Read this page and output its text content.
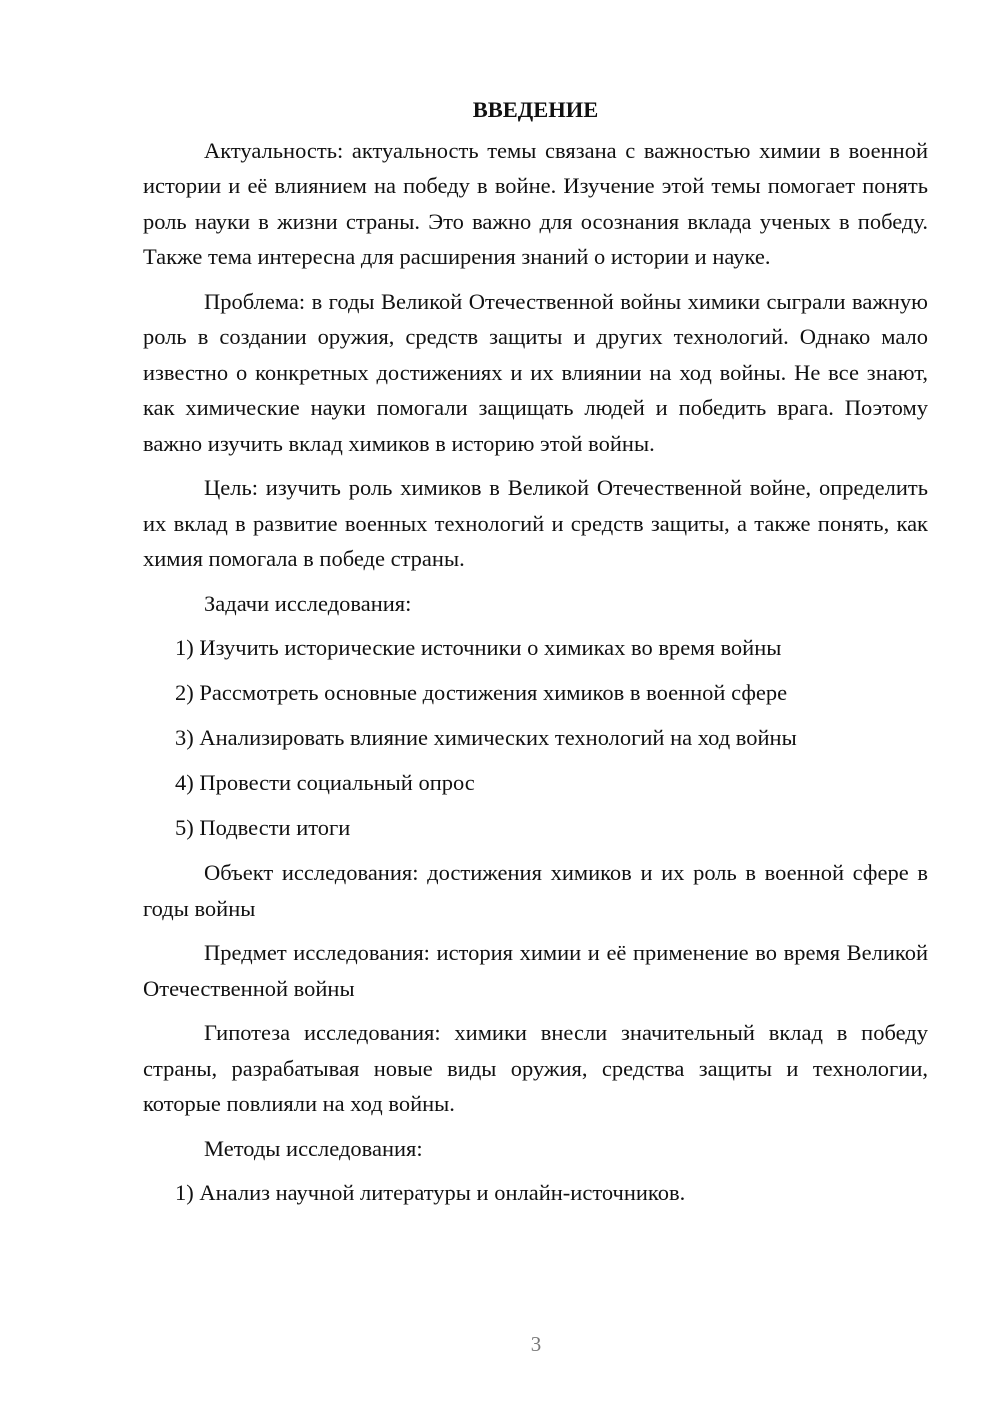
ВВЕДЕНИЕ

Актуальность: актуальность темы связана с важностью химии в военной истории и её влиянием на победу в войне. Изучение этой темы помогает понять роль науки в жизни страны. Это важно для осознания вклада ученых в победу. Также тема интересна для расширения знаний о истории и науке.

Проблема: в годы Великой Отечественной войны химики сыграли важную роль в создании оружия, средств защиты и других технологий. Однако мало известно о конкретных достижениях и их влиянии на ход войны. Не все знают, как химические науки помогали защищать людей и победить врага. Поэтому важно изучить вклад химиков в историю этой войны.

Цель: изучить роль химиков в Великой Отечественной войне, определить их вклад в развитие военных технологий и средств защиты, а также понять, как химия помогала в победе страны.

Задачи исследования:

1) Изучить исторические источники о химиках во время войны
2) Рассмотреть основные достижения химиков в военной сфере
3) Анализировать влияние химических технологий на ход войны
4) Провести социальный опрос
5) Подвести итоги

Объект исследования: достижения химиков и их роль в военной сфере в годы войны

Предмет исследования: история химии и её применение во время Великой Отечественной войны

Гипотеза исследования: химики внесли значительный вклад в победу страны, разрабатывая новые виды оружия, средства защиты и технологии, которые повлияли на ход войны.

Методы исследования:

1) Анализ научной литературы и онлайн-источников.
3
